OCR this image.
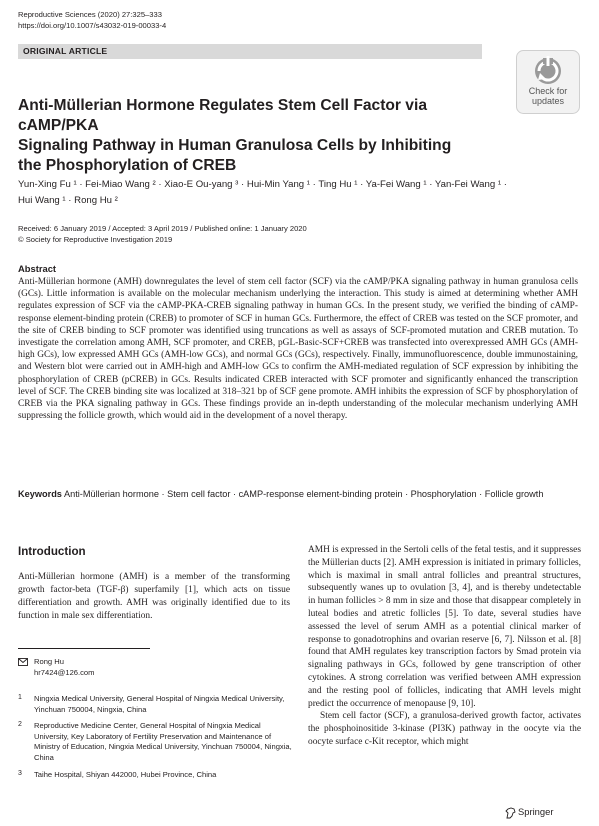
Reproductive Sciences (2020) 27:325–333
https://doi.org/10.1007/s43032-019-00033-4
ORIGINAL ARTICLE
Check for
updates
Anti-Müllerian Hormone Regulates Stem Cell Factor via cAMP/PKA
Signaling Pathway in Human Granulosa Cells by Inhibiting
the Phosphorylation of CREB
Yun-Xing Fu ¹ · Fei-Miao Wang ² · Xiao-E Ou-yang ³ · Hui-Min Yang ¹ · Ting Hu ¹ · Ya-Fei Wang ¹ · Yan-Fei Wang ¹ ·
Hui Wang ¹ · Rong Hu ²
Received: 6 January 2019 / Accepted: 3 April 2019 / Published online: 1 January 2020
© Society for Reproductive Investigation 2019
Abstract
Anti-Müllerian hormone (AMH) downregulates the level of stem cell factor (SCF) via the cAMP/PKA signaling pathway in human granulosa cells (GCs). Little information is available on the molecular mechanism underlying the interaction. This study is aimed at determining whether AMH regulates expression of SCF via the cAMP-PKA-CREB signaling pathway in human GCs. In the present study, we verified the binding of cAMP-response element-binding protein (CREB) to promoter of SCF in human GCs. Furthermore, the effect of CREB was tested on the SCF promoter, and the site of CREB binding to SCF promoter was identified using truncations as well as assays of SCF-promoted mutation and CREB mutation. To investigate the correlation among AMH, SCF promoter, and CREB, pGL-Basic-SCF+CREB was transfected into overexpressed AMH GCs (AMH-high GCs), low expressed AMH GCs (AMH-low GCs), and normal GCs (GCs), respectively. Finally, immunofluorescence, double immunostaining, and Western blot were carried out in AMH-high and AMH-low GCs to confirm the AMH-mediated regulation of SCF expression by inhibiting the phosphorylation of CREB (pCREB) in GCs. Results indicated CREB interacted with SCF promoter and significantly enhanced the transcription level of SCF. The CREB binding site was localized at 318–321 bp of SCF gene promote. AMH inhibits the expression of SCF by phosphorylation of CREB via the PKA signaling pathway in GCs. These findings provide an in-depth understanding of the molecular mechanism underlying AMH suppressing the follicle growth, which would aid in the development of a novel therapy.
Keywords Anti-Müllerian hormone · Stem cell factor · cAMP-response element-binding protein · Phosphorylation · Follicle growth
Introduction
Anti-Müllerian hormone (AMH) is a member of the transforming growth factor-beta (TGF-β) superfamily [1], which acts on tissue differentiation and growth. AMH was originally identified due to its function in male sex differentiation.
Rong Hu
hr7424@126.com
1	Ningxia Medical University, General Hospital of Ningxia Medical University, Yinchuan 750004, Ningxia, China
2	Reproductive Medicine Center, General Hospital of Ningxia Medical University, Key Laboratory of Fertility Preservation and Maintenance of Ministry of Education, Ningxia Medical University, Yinchuan 750004, Ningxia, China
3	Taihe Hospital, Shiyan 442000, Hubei Province, China

AMH is expressed in the Sertoli cells of the fetal testis, and it suppresses the Müllerian ducts [2]. AMH expression is initiated in primary follicles, which is maximal in small antral follicles and preantral structures, subsequently wanes up to ovulation [3, 4], and is thereby undetectable in human follicles > 8 mm in size and those that disappear completely in luteal bodies and atretic follicles [5]. To date, several studies have assessed the level of serum AMH as a potential clinical marker of response to gonadotrophins and ovarian reserve [6, 7]. Nilsson et al. [8] found that AMH regulates key transcription factors by Smad protein via signaling pathways in GCs, followed by gene transcription of other cytokines. A strong correlation was verified between AMH expression and the resting pool of follicles, indicating that AMH levels might predict the occurrence of menopause [9, 10].

Stem cell factor (SCF), a granulosa-derived growth factor, activates the phosphoinositide 3-kinase (PI3K) pathway in the oocyte via the oocyte surface c-Kit receptor, which might

Springer
